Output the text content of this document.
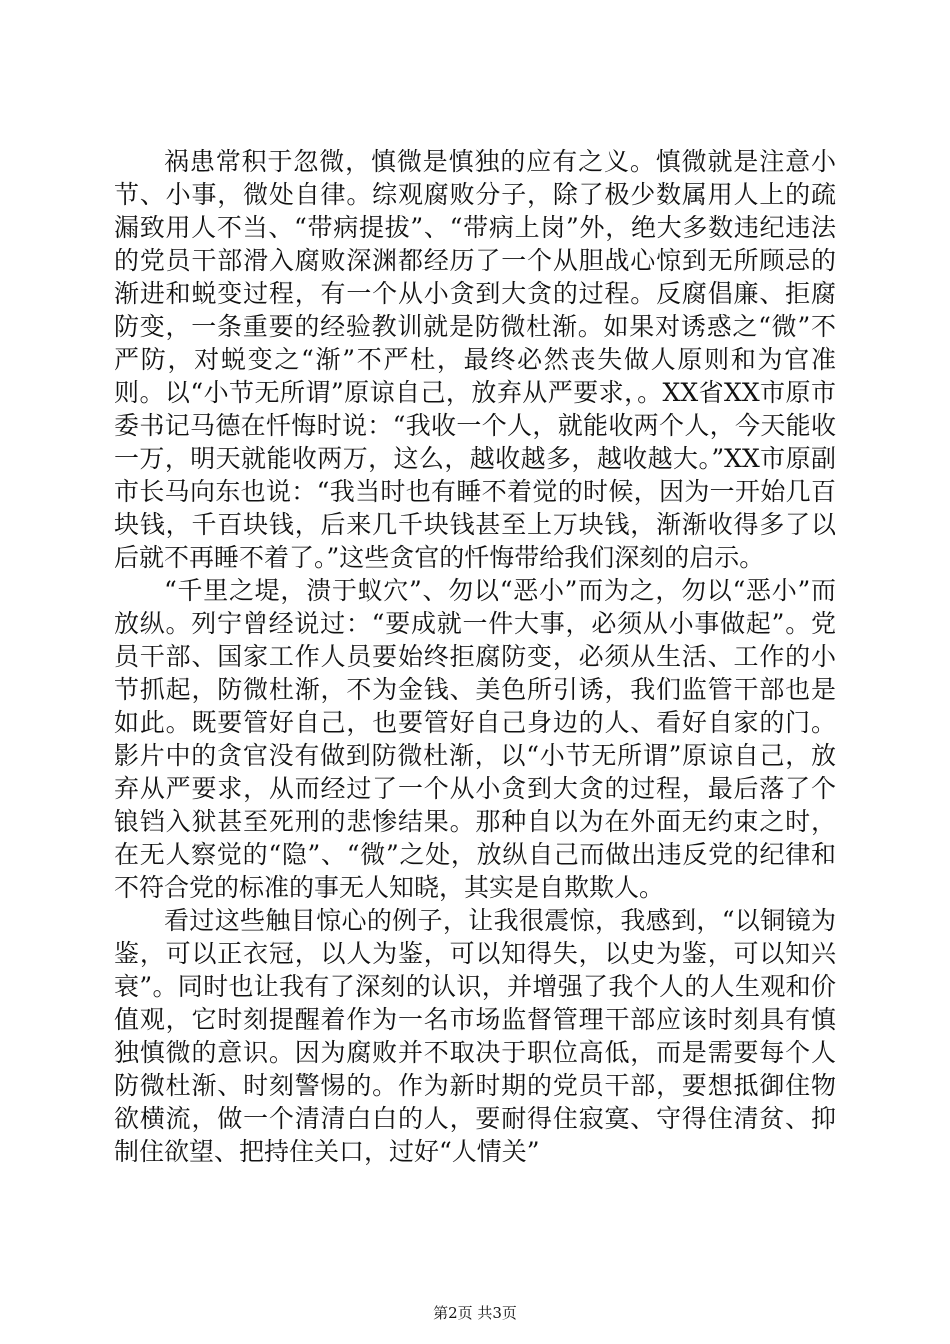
祸患常积于忽微，慎微是慎独的应有之义。慎微就是注意小节、小事，微处自律。综观腐败分子，除了极少数属用人上的疏漏致用人不当、“带病提拔”、“带病上岗”外，绝大多数违纪违法的党员干部滑入腐败深渊都经历了一个从胆战心惊到无所顾忌的渐进和蜕变过程，有一个从小贪到大贪的过程。反腐倡廉、拒腐防变，一条重要的经验教训就是防微杜渐。如果对诱惑之“微”不严防，对蜕变之“渐”不严杜，最终必然丧失做人原则和为官准则。以“小节无所谓”原谅自己，放弃从严要求，。XX省XX市原市委书记马德在忏悔时说：“我收一个人，就能收两个人，今天能收一万，明天就能收两万，这么，越收越多，越收越大。”XX市原副市长马向东也说：“我当时也有睡不着觉的时候，因为一开始几百块钱，千百块钱，后来几千块钱甚至上万块钱，渐渐收得多了以后就不再睡不着了。”这些贪官的忏悔带给我们深刻的启示。

“千里之堤，溃于蚁穴”、勿以“恶小”而为之，勿以“恶小”而放纵。列宁曾经说过：“要成就一件大事，必须从小事做起”。党员干部、国家工作人员要始终拒腐防变，必须从生活、工作的小节抓起，防微杜渐，不为金钱、美色所引诱，我们监管干部也是如此。既要管好自己，也要管好自己身边的人、看好自家的门。影片中的贪官没有做到防微杜渐，以“小节无所谓”原谅自己，放弃从严要求，从而经过了一个从小贪到大贪的过程，最后落了个锒铛入狱甚至死刑的悲惨结果。那种自以为在外面无约束之时，在无人察觉的“隐”、“微”之处，放纵自己而做出违反党的纪律和不符合党的标准的事无人知晓，其实是自欺欺人。

看过这些触目惊心的例子，让我很震惊，我感到，“以铜镜为鉴，可以正衣冠，以人为鉴，可以知得失，以史为鉴，可以知兴衰”。同时也让我有了深刻的认识，并增强了我个人的人生观和价值观，它时刻提醒着作为一名市场监督管理干部应该时刻具有慎独慎微的意识。因为腐败并不取决于职位高低，而是需要每个人防微杜渐、时刻警惕的。作为新时期的党员干部，要想抵御住物欲横流，做一个清清白白的人，要耐得住寂寞、守得住清贫、抑制住欲望、把持住关口，过好“人情关”

第2页 共3页
